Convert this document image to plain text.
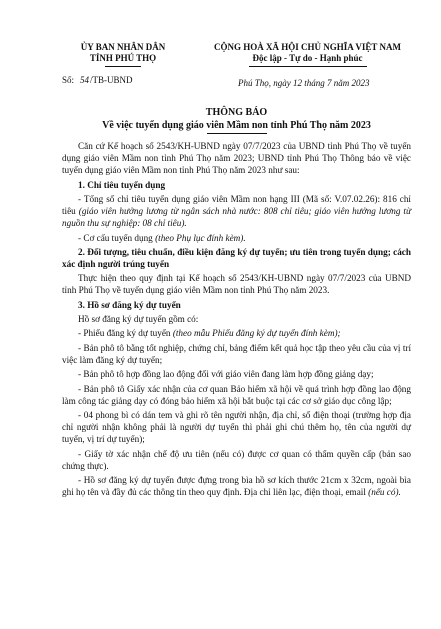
ỦY BAN NHÂN DÂN
TỈNH PHÚ THỌ
CỘNG HOÀ XÃ HỘI CHỦ NGHĨA VIỆT NAM
Độc lập - Tự do - Hạnh phúc
Số: 54/TB-UBND	Phú Thọ, ngày 12 tháng 7 năm 2023
THÔNG BÁO
Về việc tuyển dụng giáo viên Mầm non tỉnh Phú Thọ năm 2023

Căn cứ Kế hoạch số 2543/KH-UBND ngày 07/7/2023 của UBND tỉnh Phú Thọ về tuyển dụng giáo viên Mầm non tỉnh Phú Thọ năm 2023; UBND tỉnh Phú Thọ Thông báo về việc tuyển dụng giáo viên Mầm non tỉnh Phú Thọ năm 2023 như sau:

1. Chỉ tiêu tuyển dụng

- Tổng số chỉ tiêu tuyển dụng giáo viên Mầm non hạng III (Mã số: V.07.02.26): 816 chỉ tiêu (giáo viên hưởng lương từ ngân sách nhà nước: 808 chỉ tiêu; giáo viên hưởng lương từ nguồn thu sự nghiệp: 08 chỉ tiêu).

- Cơ cấu tuyển dụng (theo Phụ lục đính kèm).

2. Đối tượng, tiêu chuẩn, điều kiện đăng ký dự tuyển; ưu tiên trong tuyển dụng; cách xác định người trúng tuyển

Thực hiện theo quy định tại Kế hoạch số 2543/KH-UBND ngày 07/7/2023 của UBND tỉnh Phú Thọ về tuyển dụng giáo viên Mầm non tỉnh Phú Thọ năm 2023.

3. Hồ sơ đăng ký dự tuyển

Hồ sơ đăng ký dự tuyển gồm có:

- Phiếu đăng ký dự tuyển (theo mẫu Phiếu đăng ký dự tuyển đính kèm);

- Bản phô tô bằng tốt nghiệp, chứng chỉ, bảng điểm kết quả học tập theo yêu cầu của vị trí việc làm đăng ký dự tuyển;

- Bản phô tô hợp đồng lao động đối với giáo viên đang làm hợp đồng giảng dạy;

- Bản phô tô Giấy xác nhận của cơ quan Bảo hiểm xã hội về quá trình hợp đồng lao động làm công tác giảng dạy có đóng bảo hiểm xã hội bắt buộc tại các cơ sở giáo dục công lập;

- 04 phong bì có dán tem và ghi rõ tên người nhận, địa chỉ, số điện thoại (trường hợp địa chỉ người nhận không phải là người dự tuyển thì phải ghi chú thêm họ, tên của người dự tuyển, vị trí dự tuyển);

- Giấy tờ xác nhận chế độ ưu tiên (nếu có) được cơ quan có thẩm quyền cấp (bản sao chứng thực).

- Hồ sơ đăng ký dự tuyển được đựng trong bìa hồ sơ kích thước 21cm x 32cm, ngoài bìa ghi họ tên và đầy đủ các thông tin theo quy định. Địa chỉ liên lạc, điện thoại, email (nếu có).
